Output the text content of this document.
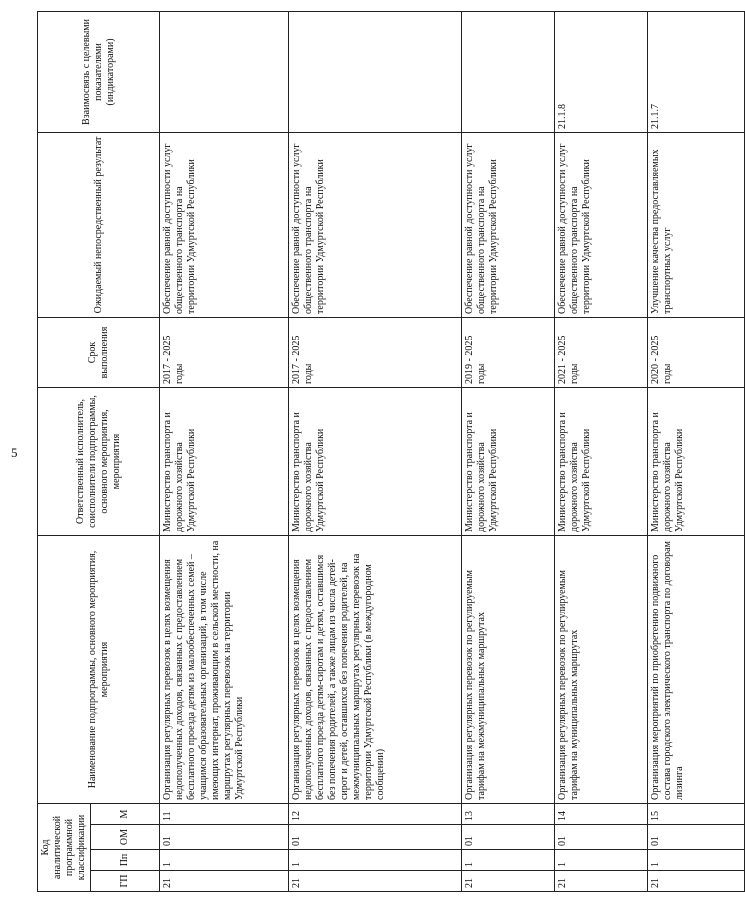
5
Код аналитической программной классификации				Наименование подпрограммы, основного мероприятия, мероприятия	Ответственный исполнитель, соисполнители подпрограммы, основного мероприятия, мероприятия	Срок выполнения	Ожидаемый непосредственный результат	Взаимосвязь с целевыми показателями (индикаторами)
ГП	Пп	ОМ	М					
21	1	01	11	Организация регулярных перевозок в целях возмещения недополученных доходов, связанных с предоставлением бесплатного проезда детям из малообеспеченных семей – учащимся образовательных организаций, в том числе имеющих интернат, проживающим в сельской местности, на маршрутах регулярных перевозок на территории Удмуртской Республики	Министерство транспорта и дорожного хозяйства Удмуртской Республики	2017 - 2025 годы	Обеспечение равной доступности услуг общественного транспорта на территории Удмуртской Республики	
21	1	01	12	Организация регулярных перевозок в целях возмещения недополученных доходов, связанных с предоставлением бесплатного проезда детям-сиротам и детям, оставшимся без попечения родителей, а также лицам из числа детей-сирот и детей, оставшихся без попечения родителей, на межмуниципальных маршрутах регулярных перевозок на территории Удмуртской Республики (в междугородном сообщении)	Министерство транспорта и дорожного хозяйства Удмуртской Республики	2017 - 2025 годы	Обеспечение равной доступности услуг общественного транспорта на территории Удмуртской Республики	
21	1	01	13	Организация регулярных перевозок по регулируемым тарифам на межмуниципальных маршрутах	Министерство транспорта и дорожного хозяйства Удмуртской Республики	2019 - 2025 годы	Обеспечение равной доступности услуг общественного транспорта на территории Удмуртской Республики	
21	1	01	14	Организация регулярных перевозок по регулируемым тарифам на муниципальных маршрутах	Министерство транспорта и дорожного хозяйства Удмуртской Республики	2021 - 2025 годы	Обеспечение равной доступности услуг общественного транспорта на территории Удмуртской Республики	21.1.8
21	1	01	15	Организация мероприятий по приобретению подвижного состава городского электрического транспорта по договорам лизинга	Министерство транспорта и дорожного хозяйства Удмуртской Республики	2020 - 2025 годы	Улучшение качества предоставляемых транспортных услуг	21.1.7
